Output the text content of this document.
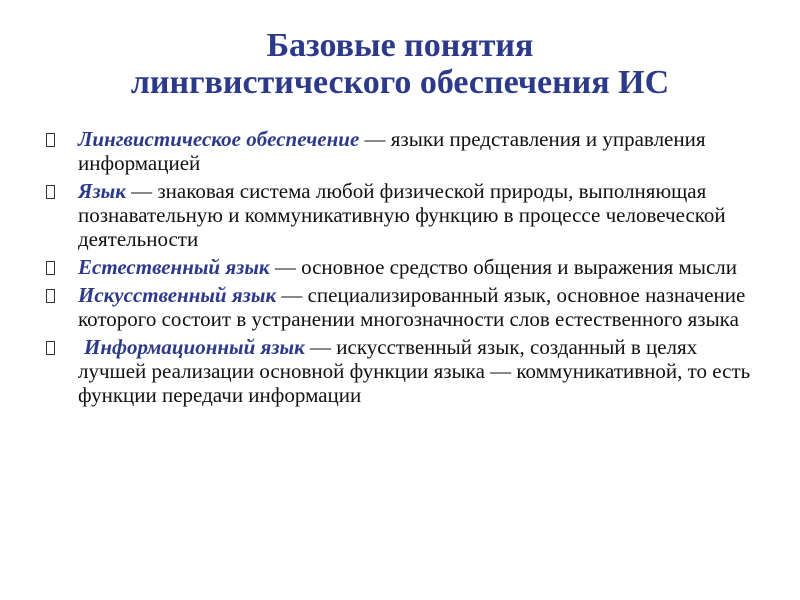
Базовые понятия
лингвистического обеспечения ИС
Лингвистическое обеспечение — языки представления и управления информацией
Язык — знаковая система любой физической природы, выполняющая познавательную и коммуникативную функцию в процессе человеческой деятельности
Естественный язык — основное средство общения и выражения мысли
Искусственный язык — специализированный язык, основное назначение которого состоит в устранении многозначности слов естественного языка
Информационный язык — искусственный язык, созданный в целях лучшей реализации основной функции языка — коммуникативной, то есть функции передачи информации
